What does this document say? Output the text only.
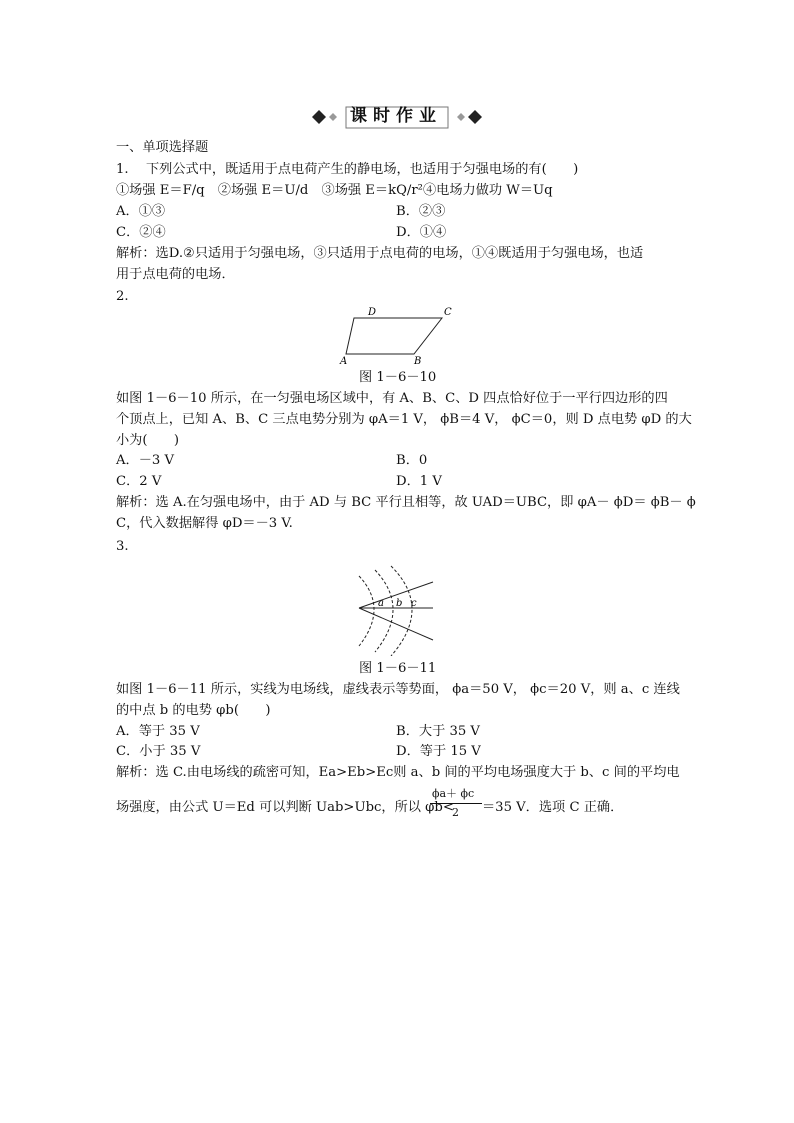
课时作业
一、单项选择题
1.　 下列公式中，既适用于点电荷产生的静电场，也适用于匀强电场的有(　　)
①场强 E＝F/q　②场强 E＝U/d　③场强 E＝kQ/r²④电场力做功 W＝Uq
A．①③	B．②③
C．②④	D．①④
解析：选D.②只适用于匀强电场，③只适用于点电荷的电场，①④既适用于匀强电场，也适
用于点电荷的电场．
2.
D	C
A	B
图 1－6－10
如图 1－6－10 所示，在一匀强电场区域中，有 A、B、C、D 四点恰好位于一平行四边形的四
个顶点上，已知 A、B、C 三点电势分别为 φA＝1 V， ϕB＝4 V， ϕC＝0，则 D 点电势 φD 的大
小为(　　)
A．－3 V	B．0
C．2 V	D．1 V
解析：选 A.在匀强电场中，由于 AD 与 BC 平行且相等，故 UAD＝UBC，即 φA－ ϕD＝ ϕB－ ϕ
C，代入数据解得 φD＝－3 V.
3.
a b c
图 1－6－11
如图 1－6－11 所示，实线为电场线，虚线表示等势面， ϕa＝50 V， ϕc＝20 V，则 a、c 连线
的中点 b 的电势 φb(　　)
A．等于 35 V	B．大于 35 V
C．小于 35 V	D．等于 15 V
解析：选 C.由电场线的疏密可知，Ea>Eb>Ec则 a、b 间的平均电场强度大于 b、c 间的平均电
场强度，由公式 U＝Ed 可以判断 Uab>Ubc，所以 φb<
ϕa＋ ϕc
2 ＝35 V．选项 C 正确．
